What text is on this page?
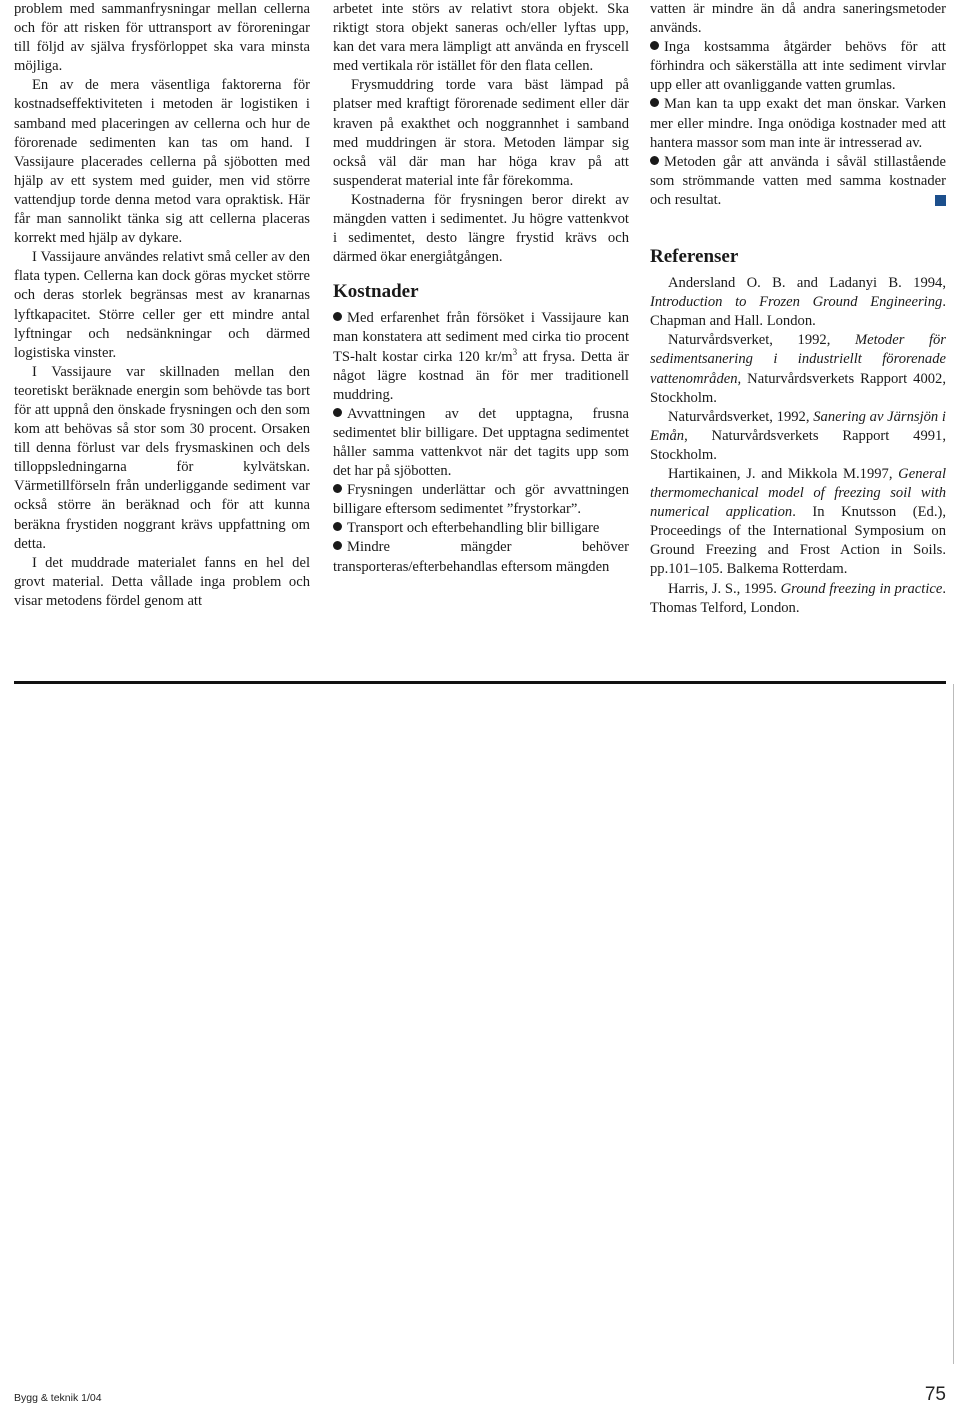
problem med sammanfrysningar mellan cellerna och för att risken för uttransport av föroreningar till följd av själva frysförloppet ska vara minsta möjliga.

En av de mera väsentliga faktorerna för kostnadseffektiviteten i metoden är logistiken i samband med placeringen av cellerna och hur de förorenade sedimenten kan tas om hand. I Vassijaure placerades cellerna på sjöbotten med hjälp av ett system med guider, men vid större vattendjup torde denna metod vara opraktisk. Här får man sannolikt tänka sig att cellerna placeras korrekt med hjälp av dykare.

I Vassijaure användes relativt små celler av den flata typen. Cellerna kan dock göras mycket större och deras storlek begränsas mest av kranarnas lyftkapacitet. Större celler ger ett mindre antal lyftningar och nedsänkningar och därmed logistiska vinster.

I Vassijaure var skillnaden mellan den teoretiskt beräknade energin som behövde tas bort för att uppnå den önskade frysningen och den som kom att behövas så stor som 30 procent. Orsaken till denna förlust var dels frysmaskinen och dels tilloppsledningarna för kylvätskan. Värmetillförseln från underliggande sediment var också större än beräknad och för att kunna beräkna frystiden noggrant krävs uppfattning om detta.

I det muddrade materialet fanns en hel del grovt material. Detta vållade inga problem och visar metodens fördel genom att

arbetet inte störs av relativt stora objekt. Ska riktigt stora objekt saneras och/eller lyftas upp, kan det vara mera lämpligt att använda en fryscell med vertikala rör istället för den flata cellen.

Frysmuddring torde vara bäst lämpad på platser med kraftigt förorenade sediment eller där kraven på exakthet och noggrannhet i samband med muddringen är stora. Metoden lämpar sig också väl där man har höga krav på att suspenderat material inte får förekomma.

Kostnaderna för frysningen beror direkt av mängden vatten i sedimentet. Ju högre vattenkvot i sedimentet, desto längre frystid krävs och därmed ökar energiåtgången.

Kostnader

Med erfarenhet från försöket i Vassijaure kan man konstatera att sediment med cirka tio procent TS-halt kostar cirka 120 $kr/m^3$ att frysa. Detta är något lägre kostnad än för mer traditionell muddring.

Avvattningen av det upptagna, frusna sedimentet blir billigare. Det upptagna sedimentet håller samma vattenkvot när det tagits upp som det har på sjöbotten.

Frysningen underlättar och gör avvattningen billigare eftersom sedimentet ”frystorkar”.

Transport och efterbehandling blir billigare

Mindre mängder behöver transporteras/efterbehandlas eftersom mängden

vatten är mindre än då andra saneringsmetoder används.

Inga kostsamma åtgärder behövs för att förhindra och säkerställa att inte sediment virvlar upp eller att ovanliggande vatten grumlas.

Man kan ta upp exakt det man önskar. Varken mer eller mindre. Inga onödiga kostnader med att hantera massor som man inte är intresserad av.

Metoden går att använda i såväl stillastående som strömmande vatten med samma kostnader och resultat.

Referenser

Andersland O. B. and Ladanyi B. 1994, Introduction to Frozen Ground Engineering. Chapman and Hall. London.

Naturvårdsverket, 1992, Metoder för sedimentsanering i industriellt förorenade vattenområden, Naturvårdsverkets Rapport 4002, Stockholm.

Naturvårdsverket, 1992, Sanering av Järnsjön i Emån, Naturvårdsverkets Rapport 4991, Stockholm.

Hartikainen, J. and Mikkola M.1997, General thermomechanical model of freezing soil with numerical application. In Knutsson (Ed.), Proceedings of the International Symposium on Ground Freezing and Frost Action in Soils. pp.101–105. Balkema Rotterdam.

Harris, J. S., 1995. Ground freezing in practice. Thomas Telford, London.

Bygg & teknik 1/04	75
